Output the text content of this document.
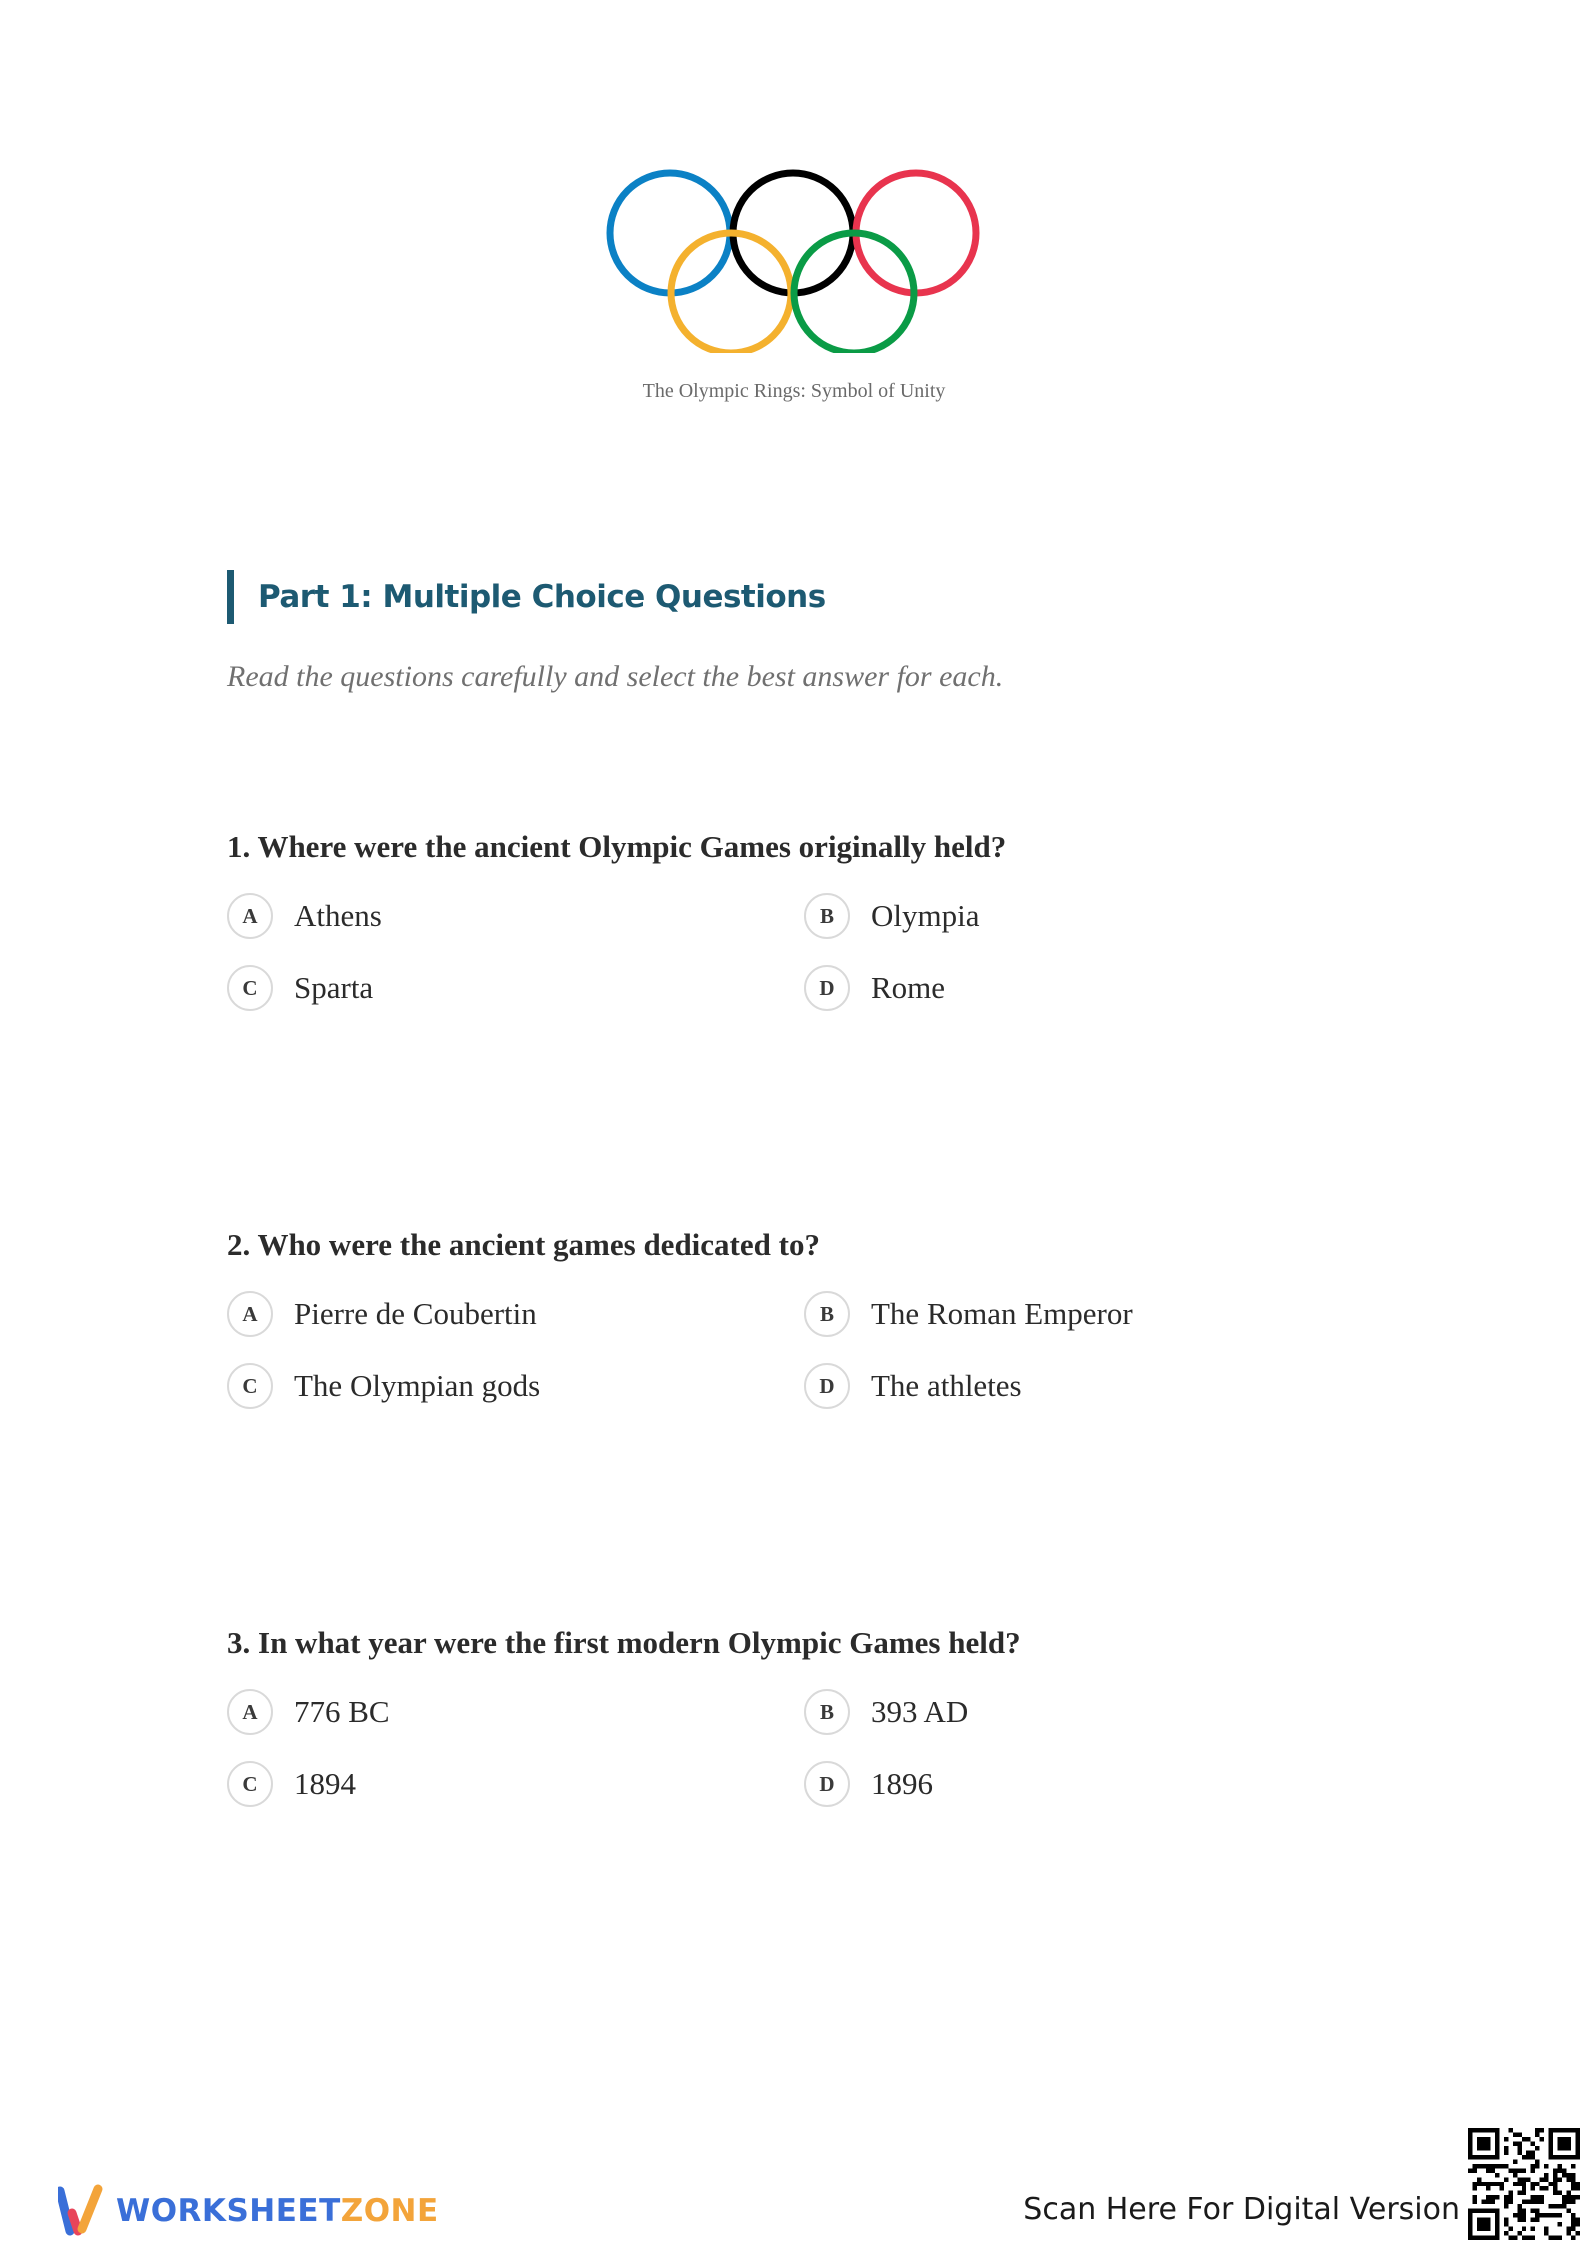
The Olympic Rings: Symbol of Unity
Part 1: Multiple Choice Questions
Read the questions carefully and select the best answer for each.
1. Where were the ancient Olympic Games originally held?
A	Athens	B	Olympia
C	Sparta	D	Rome
2. Who were the ancient games dedicated to?
A	Pierre de Coubertin	B	The Roman Emperor
C	The Olympian gods	D	The athletes
3. In what year were the first modern Olympic Games held?
A	776 BC	B	393 AD
C	1894	D	1896
WORKSHEETZONE	Scan Here For Digital Version
